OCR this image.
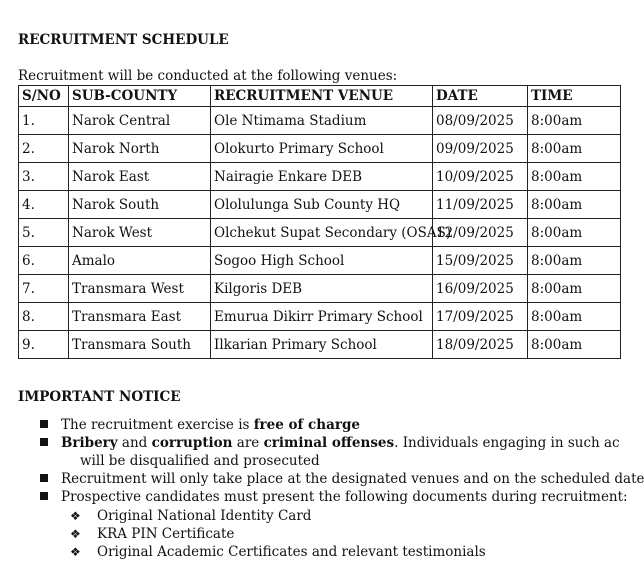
RECRUITMENT SCHEDULE
Recruitment will be conducted at the following venues:
S/NO	SUB-COUNTY	RECRUITMENT VENUE	DATE	TIME
1.	Narok Central	Ole Ntimama Stadium	08/09/2025	8:00am
2.	Narok North	Olokurto Primary School	09/09/2025	8:00am
3.	Narok East	Nairagie Enkare DEB	10/09/2025	8:00am
4.	Narok South	Ololulunga Sub County HQ	11/09/2025	8:00am
5.	Narok West	Olchekut Supat Secondary (OSAS)	12/09/2025	8:00am
6.	Amalo	Sogoo High School	15/09/2025	8:00am
7.	Transmara West	Kilgoris DEB	16/09/2025	8:00am
8.	Transmara East	Emurua Dikirr Primary School	17/09/2025	8:00am
9.	Transmara South	Ilkarian Primary School	18/09/2025	8:00am
IMPORTANT NOTICE
The recruitment exercise is free of charge
Bribery and corruption are criminal offenses. Individuals engaging in such ac
will be disqualified and prosecuted
Recruitment will only take place at the designated venues and on the scheduled date
Prospective candidates must present the following documents during recruitment:
❖ Original National Identity Card
❖ KRA PIN Certificate
❖ Original Academic Certificates and relevant testimonials
